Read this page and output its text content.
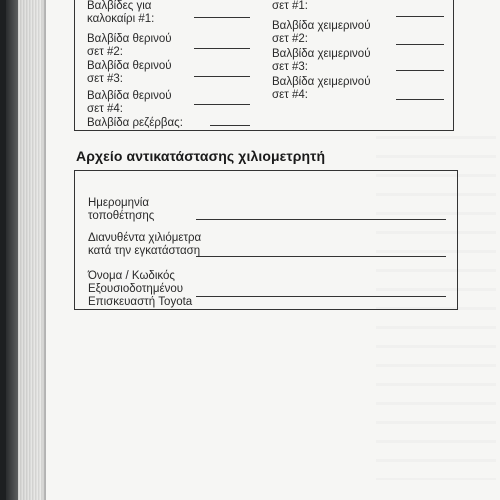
Βαλβίδες για
καλοκαίρι #1:
Βαλβίδα θερινού
σετ #2:
Βαλβίδα θερινού
σετ #3:
Βαλβίδα θερινού
σετ #4:
Βαλβίδα ρεζέρβας:
σετ #1:
Βαλβίδα χειμερινού
σετ #2:
Βαλβίδα χειμερινού
σετ #3:
Βαλβίδα χειμερινού
σετ #4:
Αρχείο αντικατάστασης χιλιομετρητή
Ημερομηνία
τοποθέτησης
Διανυθέντα χιλιόμετρα
κατά την εγκατάσταση
Όνομα / Κωδικός
Εξουσιοδοτημένου
Επισκευαστή Toyota
